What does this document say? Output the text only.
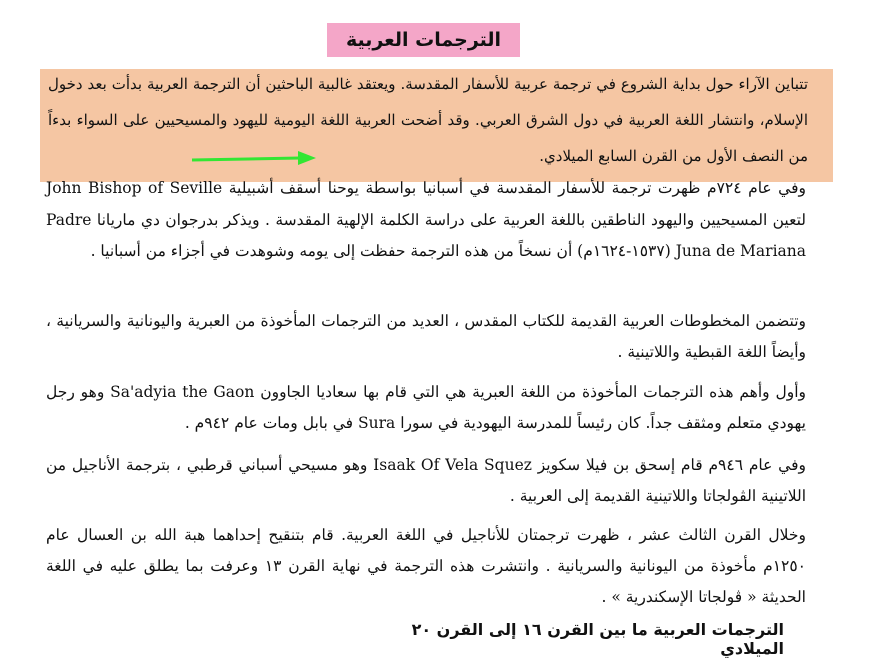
الترجمات العربية
تتباين الآراء حول بداية الشروع في ترجمة عربية للأسفار المقدسة. ويعتقد غالبية الباحثين أن الترجمة العربية بدأت بعد دخول الإسلام، وانتشار اللغة العربية في دول الشرق العربي. وقد أضحت العربية اللغة اليومية لليهود والمسيحيين على السواء بدءاً من النصف الأول من القرن السابع الميلادي.
وفي عام ٧٢٤م ظهرت ترجمة للأسفار المقدسة في أسبانيا بواسطة يوحنا أسقف أشبيلية John Bishop of Seville لتعين المسيحيين واليهود الناطقين باللغة العربية على دراسة الكلمة الإلهية المقدسة . ويذكر بدرجوان دي ماريانا Padre Juna de Mariana (١٥٣٧-١٦٢٤م) أن نسخاً من هذه الترجمة حفظت إلى يومه وشوهدت في أجزاء من أسبانيا .
وتتضمن المخطوطات العربية القديمة للكتاب المقدس ، العديد من الترجمات المأخوذة من العبرية واليونانية والسريانية ، وأيضاً اللغة القبطية واللاتينية .
وأول وأهم هذه الترجمات المأخوذة من اللغة العبرية هي التي قام بها سعاديا الجاوون Sa'adyia the Gaon وهو رجل يهودي متعلم ومثقف جداً. كان رئيساً للمدرسة اليهودية في سورا Sura في بابل ومات عام ٩٤٢م .
وفي عام ٩٤٦م قام إسحق بن فيلا سكويز Isaak Of Vela Squez وهو مسيحي أسباني قرطبي ، بترجمة الأناجيل من اللاتينية الڤولجاتا واللاتينية القديمة إلى العربية .
وخلال القرن الثالث عشر ، ظهرت ترجمتان للأناجيل في اللغة العربية. قام بتنقيح إحداهما هبة الله بن العسال عام ١٢٥٠م مأخوذة من اليونانية والسريانية . وانتشرت هذه الترجمة في نهاية القرن ١٣ وعرفت بما يطلق عليه في اللغة الحديثة « ڤولجاتا الإسكندرية » .
الترجمات العربية ما بين القرن ١٦ إلى القرن ٢٠ الميلادي
